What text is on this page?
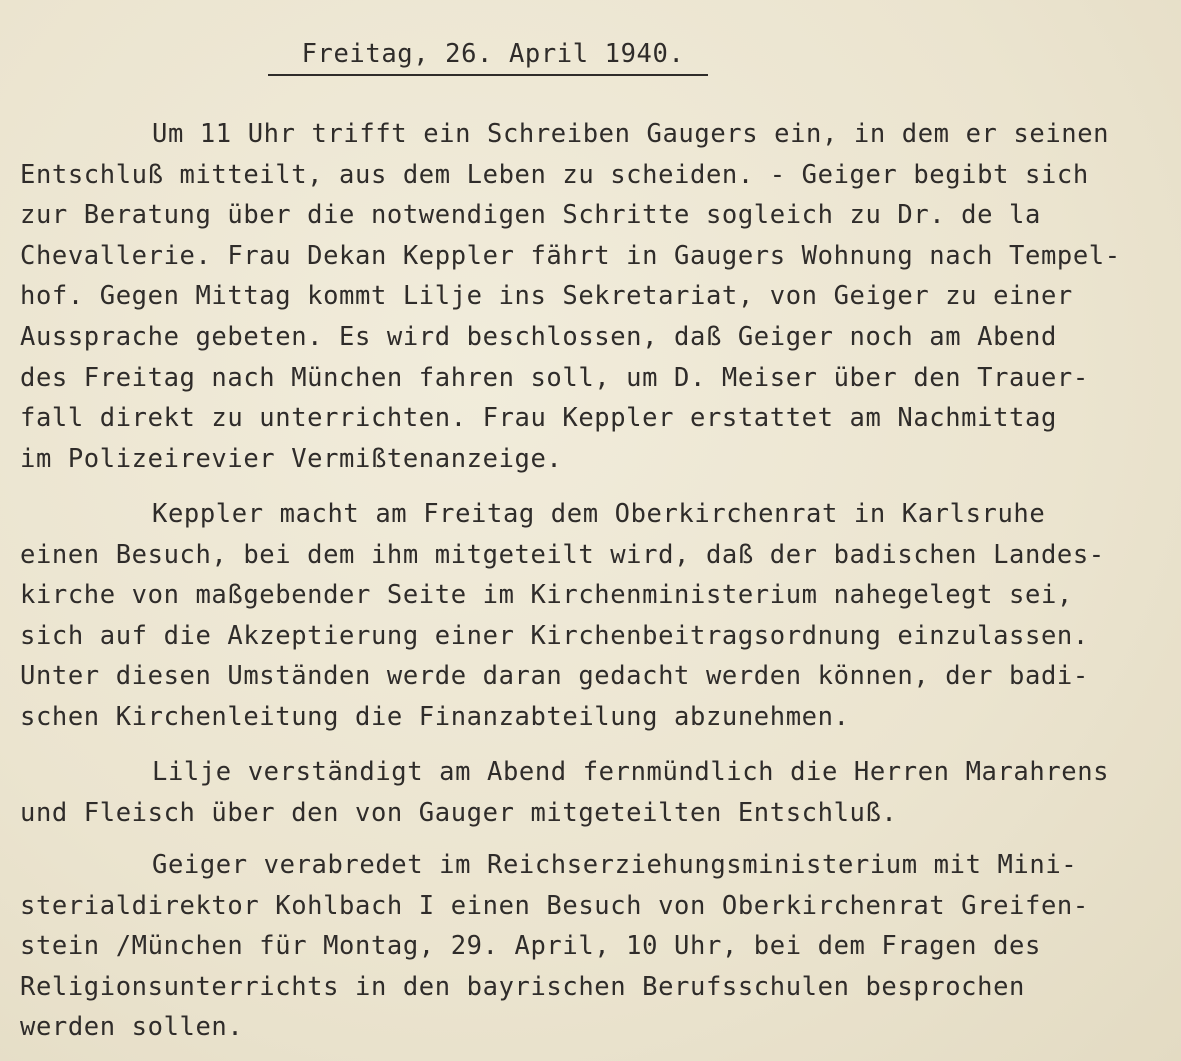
Freitag, 26. April 1940.
Um 11 Uhr trifft ein Schreiben Gaugers ein, in dem er seinen
Entschluß mitteilt, aus dem Leben zu scheiden. - Geiger begibt sich
zur Beratung über die notwendigen Schritte sogleich zu Dr. de la
Chevallerie. Frau Dekan Keppler fährt in Gaugers Wohnung nach Tempel-
hof. Gegen Mittag kommt Lilje ins Sekretariat, von Geiger zu einer
Aussprache gebeten. Es wird beschlossen, daß Geiger noch am Abend
des Freitag nach München fahren soll, um D. Meiser über den Trauer-
fall direkt zu unterrichten. Frau Keppler erstattet am Nachmittag
im Polizeirevier Vermißtenanzeige.
Keppler macht am Freitag dem Oberkirchenrat in Karlsruhe
einen Besuch, bei dem ihm mitgeteilt wird, daß der badischen Landes-
kirche von maßgebender Seite im Kirchenministerium nahegelegt sei,
sich auf die Akzeptierung einer Kirchenbeitragsordnung einzulassen.
Unter diesen Umständen werde daran gedacht werden können, der badi-
schen Kirchenleitung die Finanzabteilung abzunehmen.
Lilje verständigt am Abend fernmündlich die Herren Marahrens
und Fleisch über den von Gauger mitgeteilten Entschluß.
Geiger verabredet im Reichserziehungsministerium mit Mini-
sterialdirektor Kohlbach I einen Besuch von Oberkirchenrat Greifen-
stein /München für Montag, 29. April, 10 Uhr, bei dem Fragen des
Religionsunterrichts in den bayrischen Berufsschulen besprochen
werden sollen.
